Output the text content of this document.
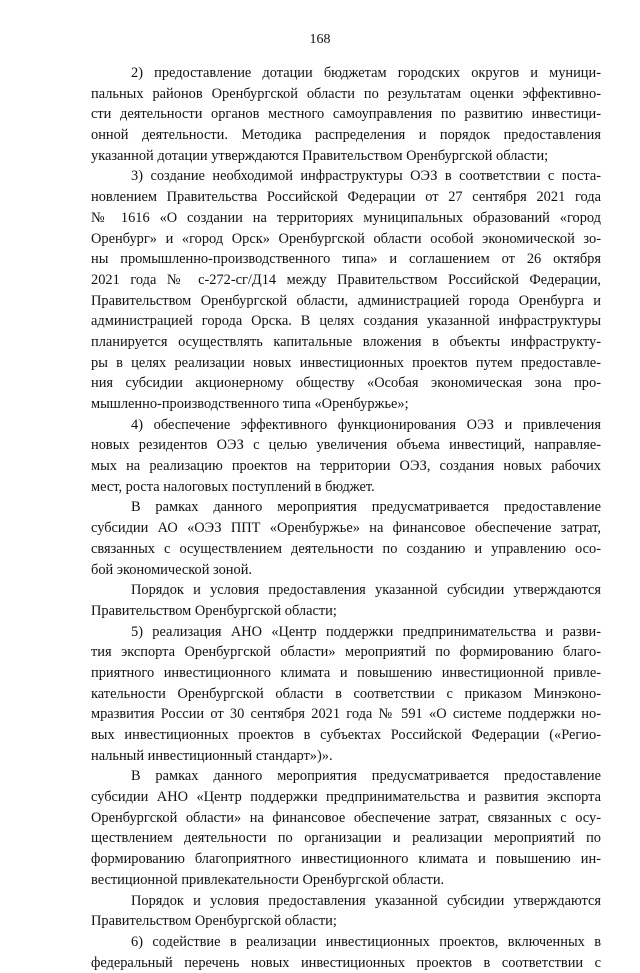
168
2) предоставление дотации бюджетам городских округов и муници-
пальных районов Оренбургской области по результатам оценки эффективно-
сти деятельности органов местного самоуправления по развитию инвестици-
онной деятельности. Методика распределения и порядок предоставления
указанной дотации утверждаются Правительством Оренбургской области;
3) создание необходимой инфраструктуры ОЭЗ в соответствии с поста-
новлением Правительства Российской Федерации от 27 сентября 2021 года
№ 1616 «О создании на территориях муниципальных образований «город
Оренбург» и «город Орск» Оренбургской области особой экономической зо-
ны промышленно-производственного типа» и соглашением от 26 октября
2021 года № с-272-сг/Д14 между Правительством Российской Федерации,
Правительством Оренбургской области, администрацией города Оренбурга и
администрацией города Орска. В целях создания указанной инфраструктуры
планируется осуществлять капитальные вложения в объекты инфраструкту-
ры в целях реализации новых инвестиционных проектов путем предоставле-
ния субсидии акционерному обществу «Особая экономическая зона про-
мышленно-производственного типа «Оренбуржье»;
4) обеспечение эффективного функционирования ОЭЗ и привлечения
новых резидентов ОЭЗ с целью увеличения объема инвестиций, направляе-
мых на реализацию проектов на территории ОЭЗ, создания новых рабочих
мест, роста налоговых поступлений в бюджет.
В рамках данного мероприятия предусматривается предоставление
субсидии АО «ОЭЗ ППТ «Оренбуржье» на финансовое обеспечение затрат,
связанных с осуществлением деятельности по созданию и управлению осо-
бой экономической зоной.
Порядок и условия предоставления указанной субсидии утверждаются
Правительством Оренбургской области;
5) реализация АНО «Центр поддержки предпринимательства и разви-
тия экспорта Оренбургской области» мероприятий по формированию благо-
приятного инвестиционного климата и повышению инвестиционной привле-
кательности Оренбургской области в соответствии с приказом Минэконо-
мразвития России от 30 сентября 2021 года № 591 «О системе поддержки но-
вых инвестиционных проектов в субъектах Российской Федерации («Регио-
нальный инвестиционный стандарт»)».
В рамках данного мероприятия предусматривается предоставление
субсидии АНО «Центр поддержки предпринимательства и развития экспорта
Оренбургской области» на финансовое обеспечение затрат, связанных с осу-
ществлением деятельности по организации и реализации мероприятий по
формированию благоприятного инвестиционного климата и повышению ин-
вестиционной привлекательности Оренбургской области.
Порядок и условия предоставления указанной субсидии утверждаются
Правительством Оренбургской области;
6) содействие в реализации инвестиционных проектов, включенных в
федеральный перечень новых инвестиционных проектов в соответствии с
